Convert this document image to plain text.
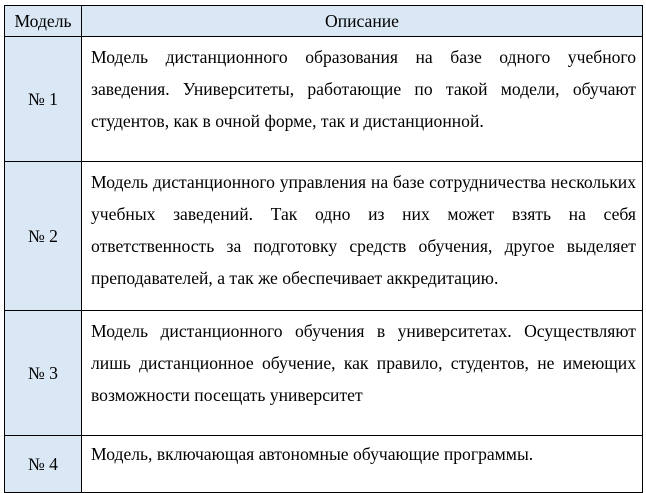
Модель	Описание
№ 1	Модель дистанционного образования на базе одного учебного заведения. Университеты, работающие по такой модели, обучают студентов, как в очной форме, так и дистанционной.
№ 2	Модель дистанционного управления на базе сотрудничества нескольких учебных заведений. Так одно из них может взять на себя ответственность за подготовку средств обучения, другое выделяет преподавателей, а так же обеспечивает аккредитацию.
№ 3	Модель дистанционного обучения в университетах. Осуществляют лишь дистанционное обучение, как правило, студентов, не имеющих возможности посещать университет
№ 4	Модель, включающая автономные обучающие программы.
